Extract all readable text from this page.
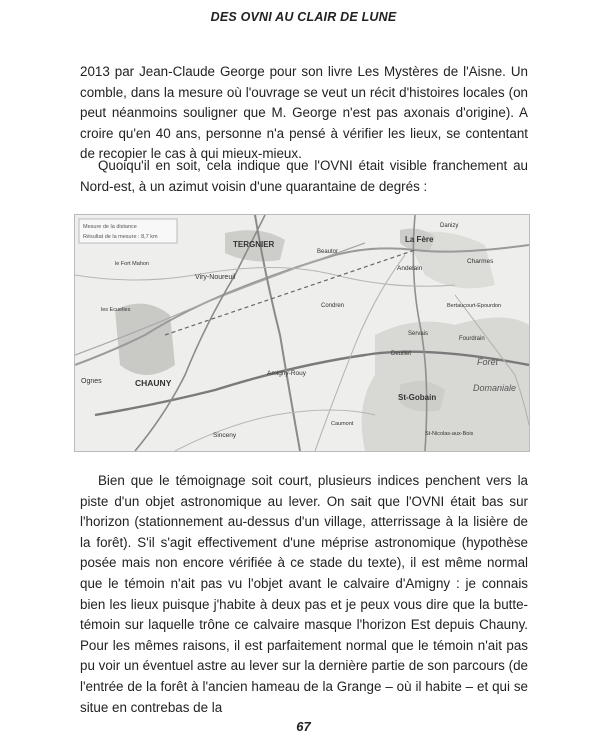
DES OVNI AU CLAIR DE LUNE

2013 par Jean-Claude George pour son livre Les Mystères de l'Aisne. Un comble, dans la mesure où l'ouvrage se veut un récit d'histoires locales (on peut néanmoins souligner que M. George n'est pas axonais d'origine). A croire qu'en 40 ans, personne n'a pensé à vérifier les lieux, se contentant de recopier le cas à qui mieux-mieux.

Quoiqu'il en soit, cela indique que l'OVNI était visible franchement au Nord-est, à un azimut voisin d'une quarantaine de degrés :

Mesure de la distance
Résultat de la mesure : 8,7 km
TERGNIER
La Fère
Viry-Noureuil
CHAUNY
Ognes
St-Gobain
Amigny-Rouy
Sinceny
Andelain
Charmes
Danizy
Forêt
Domaniale
Beautor
Servais
Deuillet
Fourdrain
Bertaucourt-Epourdon
Condren
St-Nicolas-aux-Bois
le Fort Mahon
les Ecuelles
Caumont

Bien que le témoignage soit court, plusieurs indices penchent vers la piste d'un objet astronomique au lever. On sait que l'OVNI était bas sur l'horizon (stationnement au-dessus d'un village, atterrissage à la lisière de la forêt). S'il s'agit effectivement d'une méprise astronomique (hypothèse posée mais non encore vérifiée à ce stade du texte), il est même normal que le témoin n'ait pas vu l'objet avant le calvaire d'Amigny : je connais bien les lieux puisque j'habite à deux pas et je peux vous dire que la butte-témoin sur laquelle trône ce calvaire masque l'horizon Est depuis Chauny. Pour les mêmes raisons, il est parfaitement normal que le témoin n'ait pas pu voir un éventuel astre au lever sur la dernière partie de son parcours (de l'entrée de la forêt à l'ancien hameau de la Grange – où il habite – et qui se situe en contrebas de la

67
